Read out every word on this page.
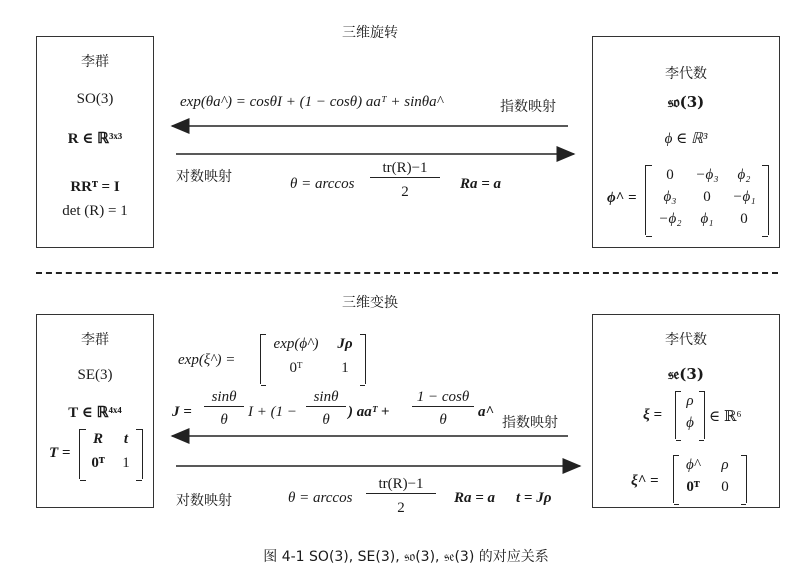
三维旋转
三维变换
李群
SO(3)
R ∈ ℝ³ˣ³
RRᵀ = I
det (R) = 1
李代数
𝔰𝔬(3)
ϕ ∈ ℝ³
ϕ^ =
0	−ϕ₃	ϕ₂
ϕ₃	0	−ϕ₁
−ϕ₂	ϕ₁	0
exp(θa^) = cosθI + (1 − cosθ) aaᵀ + sinθa^	指数映射
对数映射	θ = arccos
tr(R)−1
2	Ra = a
李群
SE(3)
T ∈ ℝ⁴ˣ⁴
T =
R	t
0ᵀ	1
李代数
𝔰𝔢(3)
ξ =
ρ
ϕ	∈ ℝ⁶
ξ^ =
ϕ^	ρ
0ᵀ	0
exp(ξ^) =
exp(ϕ^)	Jρ
0ᵀ	1
J =
sinθ
θ	I + (1 −
sinθ
θ	) aaᵀ +
1 − cosθ
θ	a^
指数映射
对数映射	θ = arccos
tr(R)−1
2
Ra = a t = Jρ
图 4-1 SO(3), SE(3), 𝔰𝔬(3), 𝔰𝔢(3) 的对应关系
